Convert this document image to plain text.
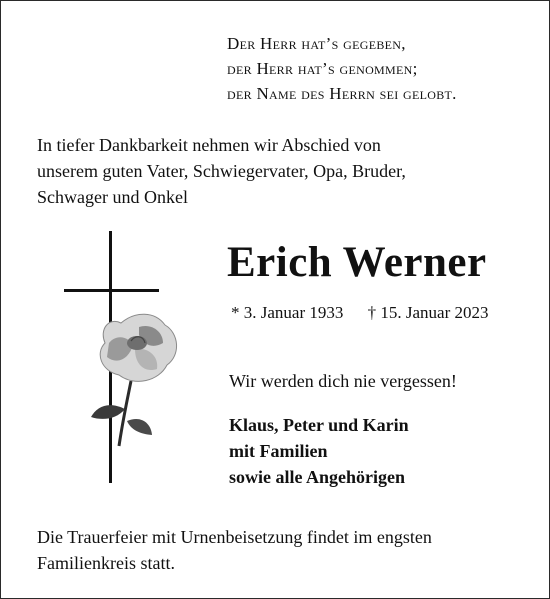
Der Herr hat’s gegeben,
der Herr hat’s genommen;
der Name des Herrn sei gelobt.
In tiefer Dankbarkeit nehmen wir Abschied von
unserem guten Vater, Schwiegervater, Opa, Bruder,
Schwager und Onkel
Erich Werner
* 3. Januar 1933 † 15. Januar 2023
Wir werden dich nie vergessen!
Klaus, Peter und Karin
mit Familien
sowie alle Angehörigen
Die Trauerfeier mit Urnenbeisetzung findet im engsten
Familienkreis statt.
